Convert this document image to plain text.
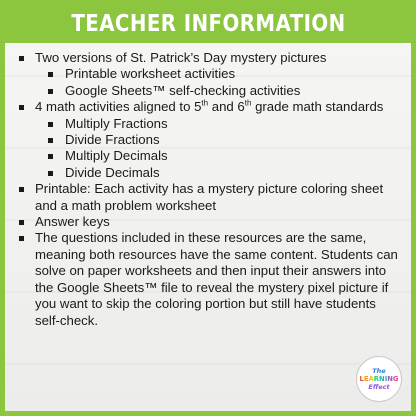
TEACHER INFORMATION
Two versions of St. Patrick’s Day mystery pictures
Printable worksheet activities
Google Sheets™ self-checking activities
4 math activities aligned to 5th and 6th grade math standards
Multiply Fractions
Divide Fractions
Multiply Decimals
Divide Decimals
Printable: Each activity has a mystery picture coloring sheet and a math problem worksheet
Answer keys
The questions included in these resources are the same, meaning both resources have the same content. Students can solve on paper worksheets and then input their answers into the Google Sheets™ file to reveal the mystery pixel picture if you want to skip the coloring portion but still have students self-check.
The
LEARNING
Effect
